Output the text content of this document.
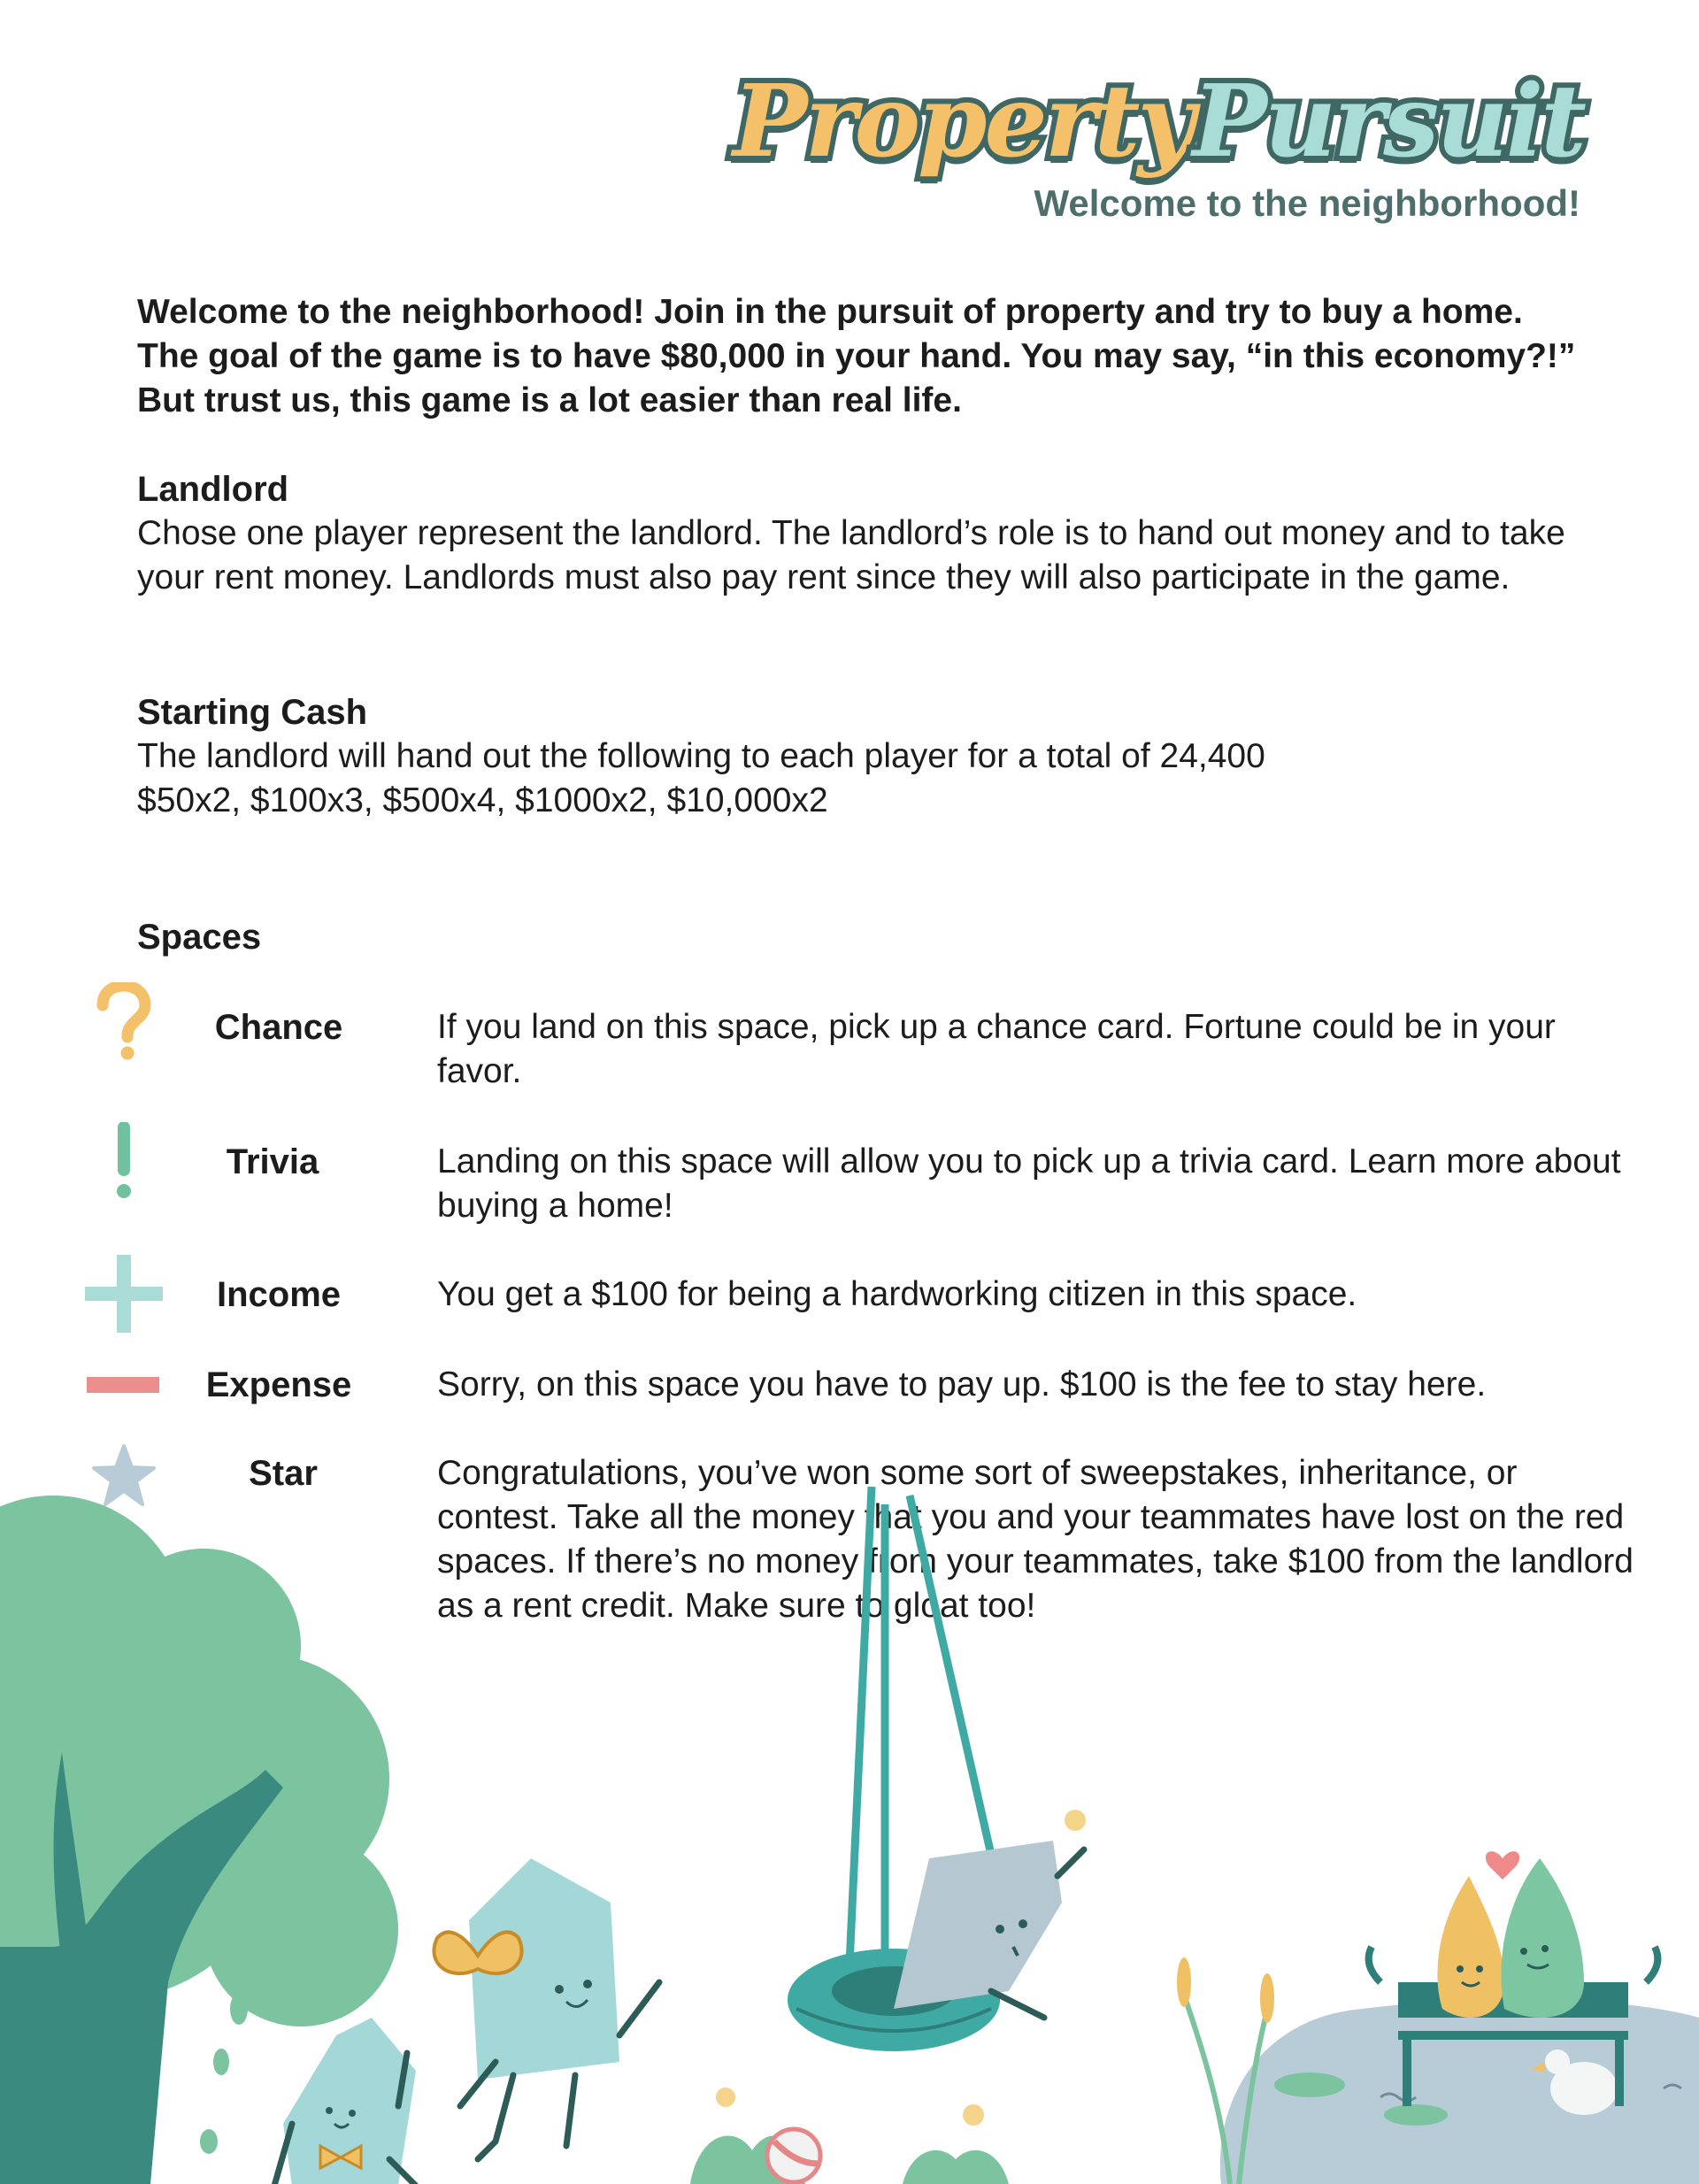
PropertyPursuit
Welcome to the neighborhood!

Welcome to the neighborhood! Join in the pursuit of property and try to buy a home. The goal of the game is to have $80,000 in your hand. You may say, “in this economy?!” But trust us, this game is a lot easier than real life.

Landlord

Chose one player represent the landlord. The landlord’s role is to hand out money and to take your rent money. Landlords must also pay rent since they will also participate in the game.

Starting Cash

The landlord will hand out the following to each player for a total of 24,400

$50x2, $100x3, $500x4, $1000x2, $10,000x2

Spaces
Chance	If you land on this space, pick up a chance card. Fortune could be in your favor.
Trivia	Landing on this space will allow you to pick up a trivia card. Learn more about buying a home!
Income	You get a $100 for being a hardworking citizen in this space.
Expense	Sorry, on this space you have to pay up. $100 is the fee to stay here.
Star	Congratulations, you’ve won some sort of sweepstakes, inheritance, or contest. Take all the money that you and your teammates have lost on the red spaces. If there’s no money from your teammates, take $100 from the landlord as a rent credit. Make sure to gloat too!
